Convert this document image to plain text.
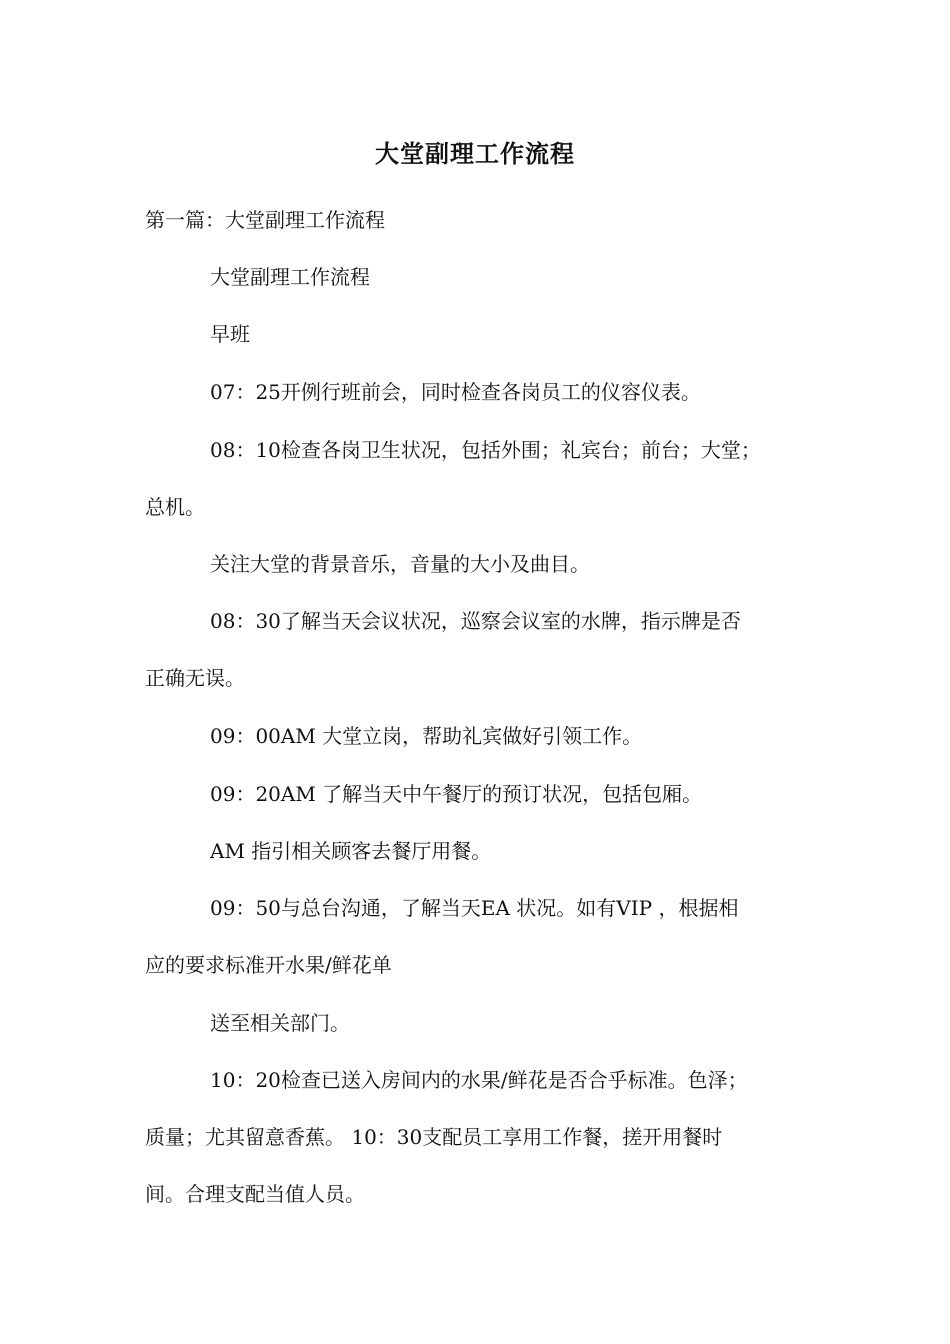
大堂副理工作流程
第一篇：大堂副理工作流程
大堂副理工作流程
早班
07：25开例行班前会，同时检查各岗员工的仪容仪表。
08：10检查各岗卫生状况，包括外围；礼宾台；前台；大堂；
总机。
关注大堂的背景音乐，音量的大小及曲目。
08：30了解当天会议状况，巡察会议室的水牌，指示牌是否
正确无误。
09：00AM 大堂立岗，帮助礼宾做好引领工作。
09：20AM 了解当天中午餐厅的预订状况，包括包厢。
AM 指引相关顾客去餐厅用餐。
09：50与总台沟通，了解当天EA 状况。如有VIP ，根据相
应的要求标准开水果/鲜花单
送至相关部门。
10：20检查已送入房间内的水果/鲜花是否合乎标准。色泽；
质量；尤其留意香蕉。 10：30支配员工享用工作餐，搓开用餐时
间。合理支配当值人员。
